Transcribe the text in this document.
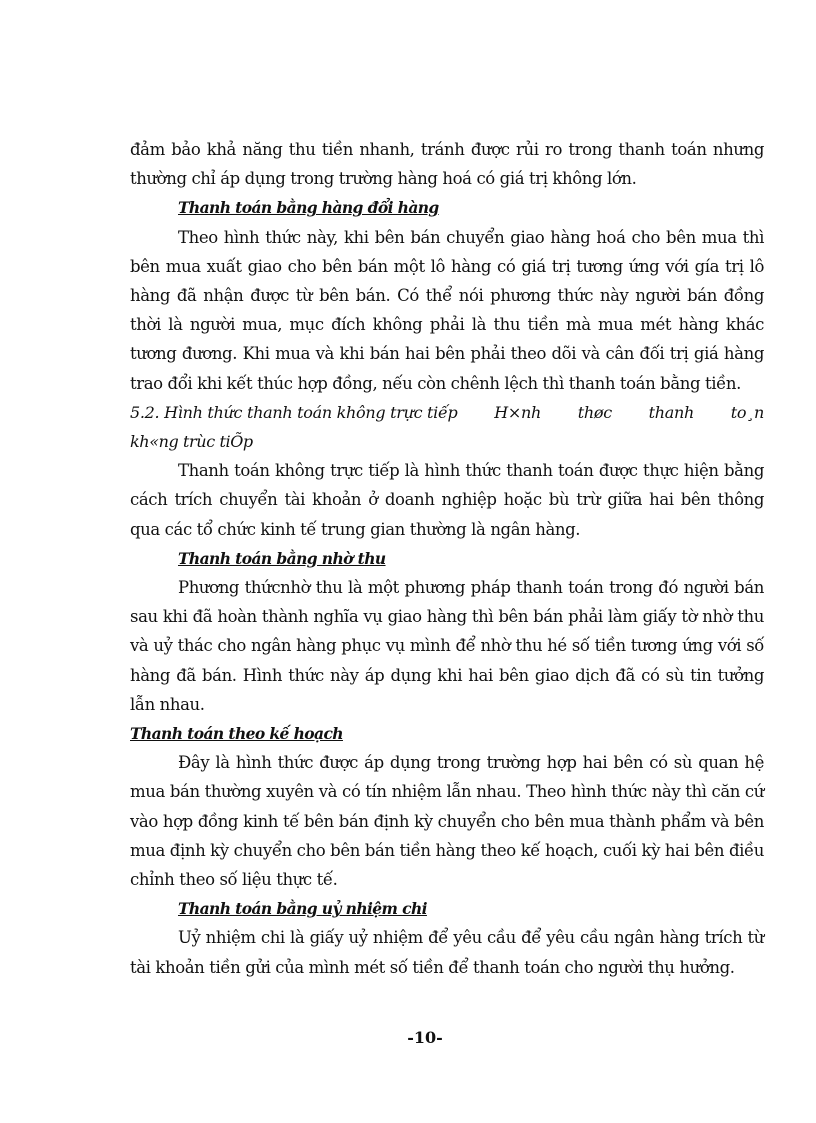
đảm bảo khả năng thu tiền nhanh, tránh được rủi ro trong thanh toán nhưng thường chỉ áp dụng trong trường hàng hoá có giá trị không lớn.

Thanh toán bằng hàng đổi hàng

Theo hình thức này, khi bên bán chuyển giao hàng hoá cho bên mua thì bên mua xuất giao cho bên bán một lô hàng có giá trị tương ứng với gía trị lô hàng đã nhận được từ bên bán. Có thể nói phương thức này người bán đồng thời là người mua, mục đích không phải là thu tiền mà mua mét hàng khác tương đương. Khi mua và khi bán hai bên phải theo dõi và cân đối trị giá hàng trao đổi khi kết thúc hợp đồng, nếu còn chênh lệch thì thanh toán bằng tiền.

5.2. Hình thức thanh toán không trực tiếp H×nh thøc thanh to¸n

kh«ng trùc tiÕp

Thanh toán không trực tiếp là hình thức thanh toán được thực hiện bằng cách trích chuyển tài khoản ở doanh nghiệp hoặc bù trừ giữa hai bên thông qua các tổ chức kinh tế trung gian thường là ngân hàng.

Thanh toán bằng nhờ thu

Phương thứcnhờ thu là một phương pháp thanh toán trong đó người bán sau khi đã hoàn thành nghĩa vụ giao hàng thì bên bán phải làm giấy tờ nhờ thu và uỷ thác cho ngân hàng phục vụ mình để nhờ thu hé số tiền tương ứng với số hàng đã bán. Hình thức này áp dụng khi hai bên giao dịch đã có sù tin tưởng lẫn nhau.

Thanh toán theo kế hoạch

Đây là hình thức được áp dụng trong trường hợp hai bên có sù quan hệ mua bán thường xuyên và có tín nhiệm lẫn nhau. Theo hình thức này thì căn cứ vào hợp đồng kinh tế bên bán định kỳ chuyển cho bên mua thành phẩm và bên mua định kỳ chuyển cho bên bán tiền hàng theo kế hoạch, cuối kỳ hai bên điều chỉnh theo số liệu thực tế.

Thanh toán bằng uỷ nhiệm chi

Uỷ nhiệm chi là giấy uỷ nhiệm để yêu cầu để yêu cầu ngân hàng trích từ tài khoản tiền gửi của mình mét số tiền để thanh toán cho người thụ hưởng.

-10-
